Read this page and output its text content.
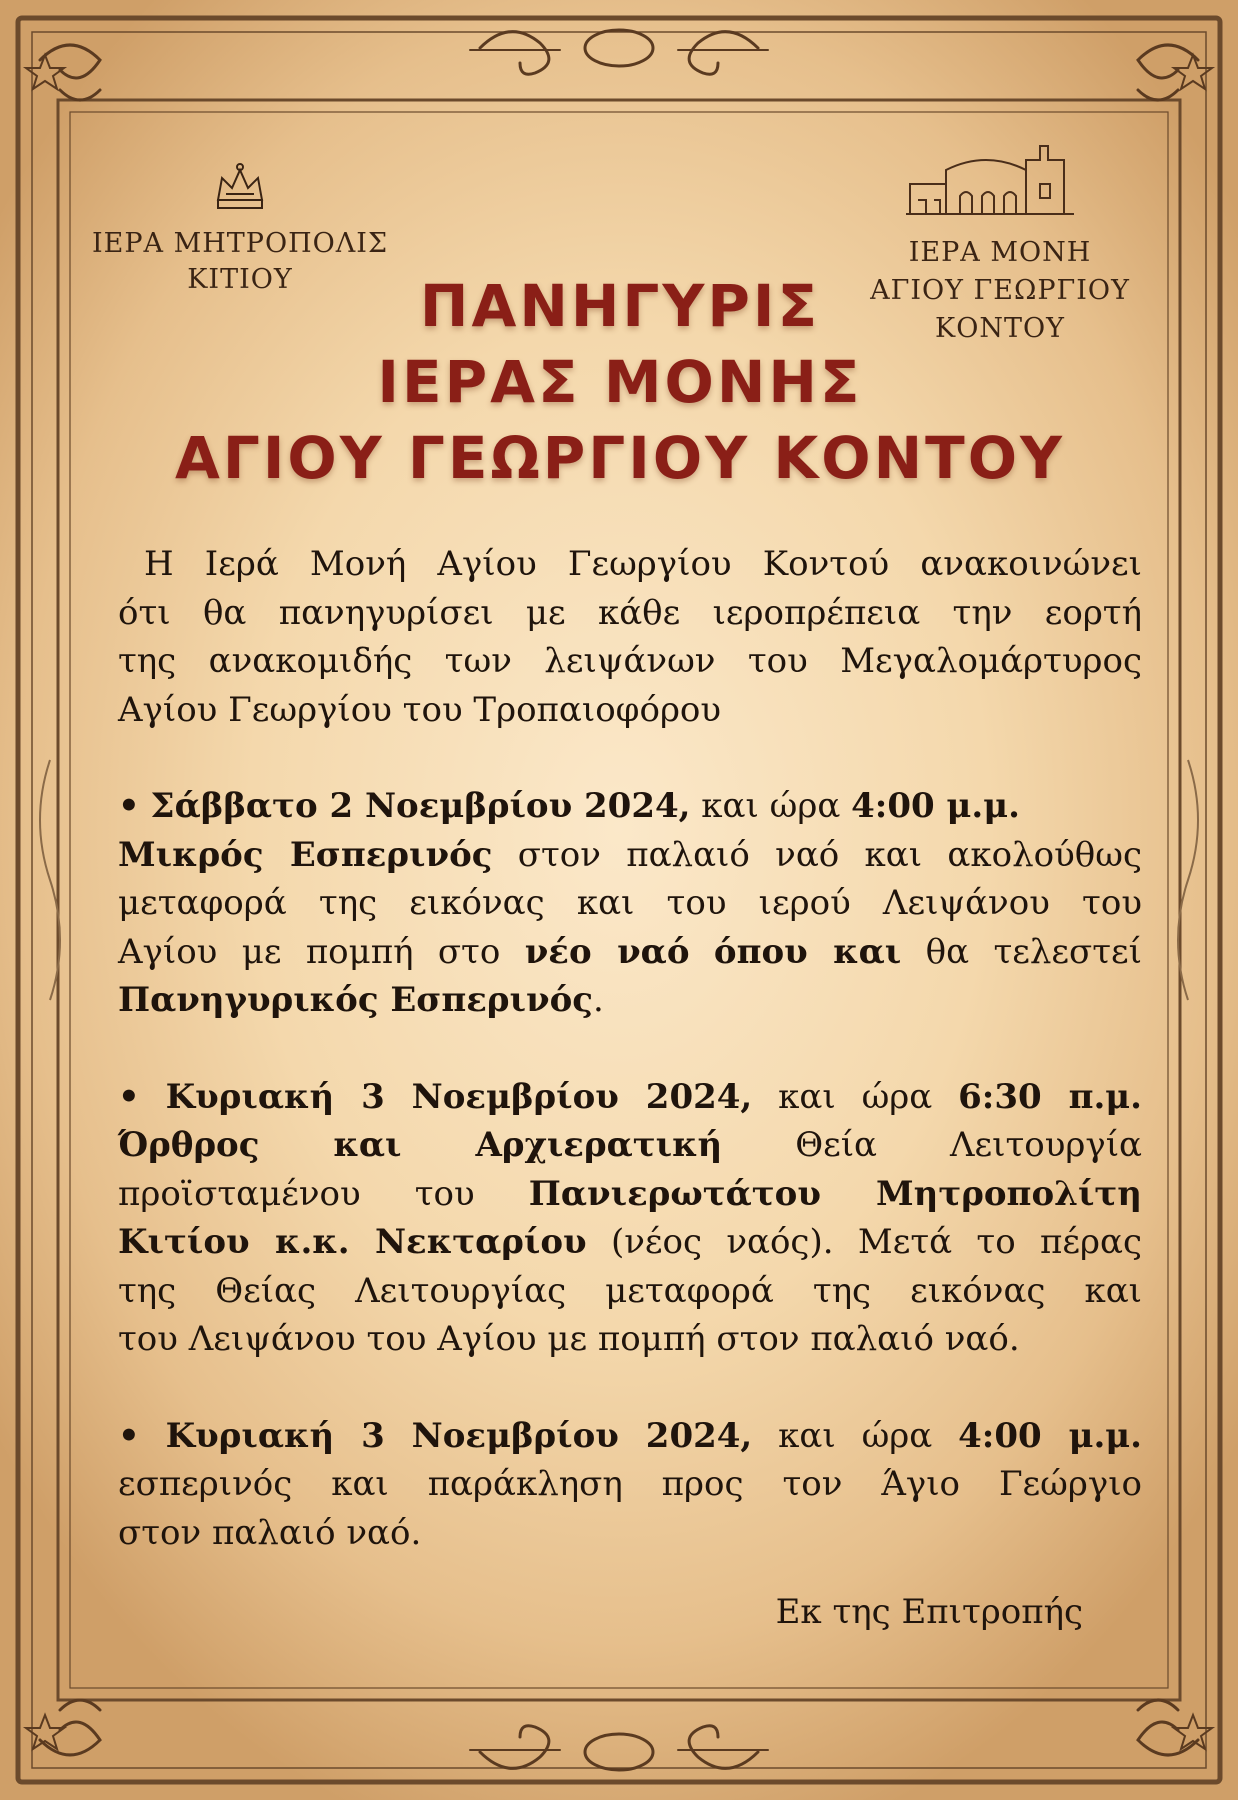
ΙΕΡΑ ΜΗΤΡΟΠΟΛΙΣ
ΚΙΤΙΟΥ
ΙΕΡΑ ΜΟΝΗ
ΑΓΙΟΥ ΓΕΩΡΓΙΟΥ
ΚΟΝΤΟΥ
ΠΑΝΗΓΥΡΙΣ
ΙΕΡΑΣ ΜΟΝΗΣ
ΑΓΙΟΥ ΓΕΩΡΓΙΟΥ ΚΟΝΤΟΥ

Η Ιερά Μονή Αγίου Γεωργίου Κοντού ανακοινώνει

ότι θα πανηγυρίσει με κάθε ιεροπρέπεια την εορτή

της ανακομιδής των λειψάνων του Μεγαλομάρτυρος

Αγίου Γεωργίου του Τροπαιοφόρου

• Σάββατο 2 Νοεμβρίου 2024, και ώρα 4:00 μ.μ.

Μικρός Εσπερινός στον παλαιό ναό και ακολούθως

μεταφορά της εικόνας και του ιερού Λειψάνου του

Αγίου με πομπή στο νέο ναό όπου και θα τελεστεί

Πανηγυρικός Εσπερινός.

• Κυριακή 3 Νοεμβρίου 2024, και ώρα 6:30 π.μ.

Όρθρος και Αρχιερατική Θεία Λειτουργία

προϊσταμένου του Πανιερωτάτου Μητροπολίτη

Κιτίου κ.κ. Νεκταρίου (νέος ναός). Μετά το πέρας

της Θείας Λειτουργίας μεταφορά της εικόνας και

του Λειψάνου του Αγίου με πομπή στον παλαιό ναό.

• Κυριακή 3 Νοεμβρίου 2024, και ώρα 4:00 μ.μ.

εσπερινός και παράκληση προς τον Άγιο Γεώργιο

στον παλαιό ναό.

Εκ της Επιτροπής
